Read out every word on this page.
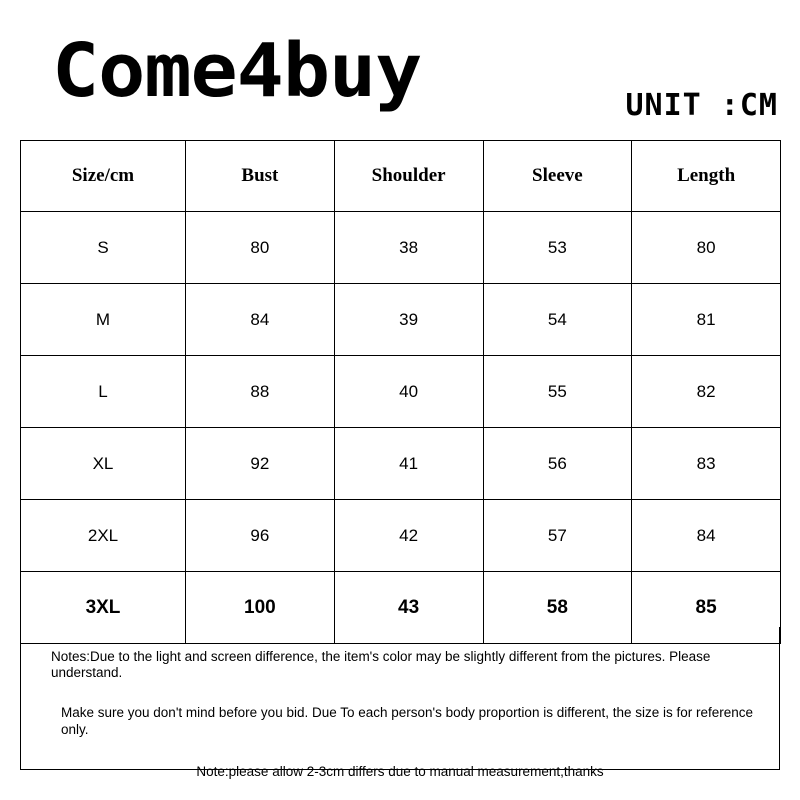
Come4buy	UNIT :CM
Size/cm	Bust	Shoulder	Sleeve	Length
S	80	38	53	80
M	84	39	54	81
L	88	40	55	82
XL	92	41	56	83
2XL	96	42	57	84
3XL	100	43	58	85
Notes:Due to the light and screen difference, the item's color may be slightly different from the pictures. Please understand.
Make sure you don't mind before you bid. Due To each person's body proportion is different, the size is for reference only.
Note:please allow 2-3cm differs due to manual measurement,thanks
